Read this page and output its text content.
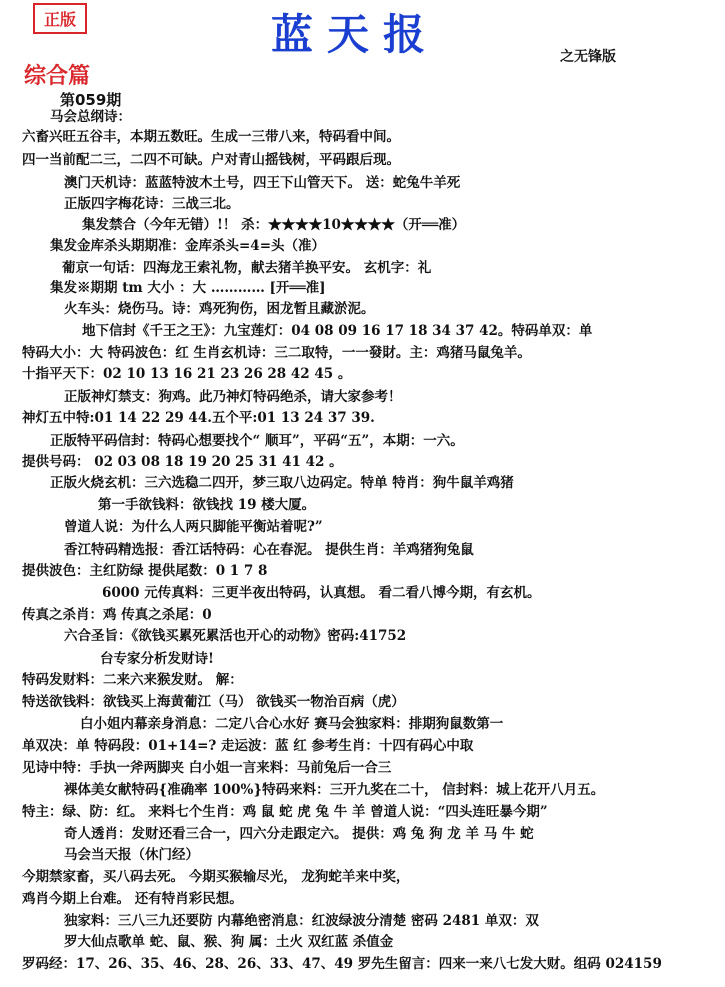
正版	蓝天报	之无锋版
综合篇
第059期
马会总纲诗：
六畜兴旺五谷丰，本期五数旺。生成一三带八来，特码看中间。
四一当前配二三，二四不可缺。户对青山摇钱树，平码跟后现。
澳门天机诗：蓝蓝特波木土号，四王下山管天下。 送：蛇兔牛羊死
正版四字梅花诗：三战三北。
集发禁合（今年无错）!！ 杀：★★★★10★★★★（开══准）
集发金库杀头期期准：金库杀头=4=头（准）
葡京一句话：四海龙王索礼物，献去猪羊换平安。 玄机字：礼
集发※期期 tm 大小 ：大 ………… [开══准]
火车头：烧伤马。诗：鸡死狗伤，困龙暂且藏淤泥。
地下信封《千王之王》：九宝莲灯：04 08 09 16 17 18 34 37 42。特码单双：单
特码大小：大 特码波色：红 生肖玄机诗：三二取特，一一發財。主：鸡猪马鼠兔羊。
十指平天下：02 10 13 16 21 23 26 28 42 45 。
正版神灯禁支：狗鸡。此乃神灯特码绝杀，请大家参考！
神灯五中特:01 14 22 29 44.五个平:01 13 24 37 39.
正版特平码信封：特码心想要找个“ 顺耳”，平码“五”，本期：一六。
提供号码： 02 03 08 18 19 20 25 31 41 42 。
正版火烧玄机：三六选稳二四开，梦三取八边码定。特单 特肖：狗牛鼠羊鸡猪
第一手欲钱料：欲钱找 19 楼大厦。
曾道人说：为什么人两只脚能平衡站着呢?”
香江特码精选报：香江话特码：心在春泥。 提供生肖：羊鸡猪狗兔鼠
提供波色：主红防绿 提供尾数：0 1 7 8
6000 元传真料：三更半夜出特码，认真想。 看二看八博今期，有玄机。
传真之杀肖：鸡 传真之杀尾：0
六合圣旨：《欲钱买累死累活也开心的动物》密码:41752
台专家分析发财诗!
特码发财料：二来六来猴发财。 解：
特送欲钱料：欲钱买上海黄葡江（马） 欲钱买一物治百病（虎）
白小姐内幕亲身消息：二定八合心水好 赛马会独家料：排期狗鼠数第一
单双决：单 特码段：01+14=? 走运波：蓝 红 参考生肖：十四有码心中取
见诗中特：手执一斧两脚夹 白小姐一言来料：马前兔后一合三
裸体美女献特码{准确率 100%}特码来料：三开九奖在二十， 信封料：城上花开八月五。
特主：绿、防：红。 来料七个生肖：鸡 鼠 蛇 虎 兔 牛 羊 曾道人说：“四头连旺暴今期”
奇人透肖：发财还看三合一，四六分走跟定六。 提供：鸡 兔 狗 龙 羊 马 牛 蛇
马会当天报（休门经）
今期禁家畜，买八码去死。 今期买猴输尽光， 龙狗蛇羊来中奖，
鸡肖今期上台难。 还有特肖彩民想。
独家料：三八三九还要防 内幕绝密消息：红波绿波分清楚 密码 2481 单双：双
罗大仙点歌单 蛇、鼠、猴、狗 属：土火 双红蓝 杀值金
罗码经：17、26、35、46、28、26、33、47、49 罗先生留言：四来一来八七发大财。组码 024159
